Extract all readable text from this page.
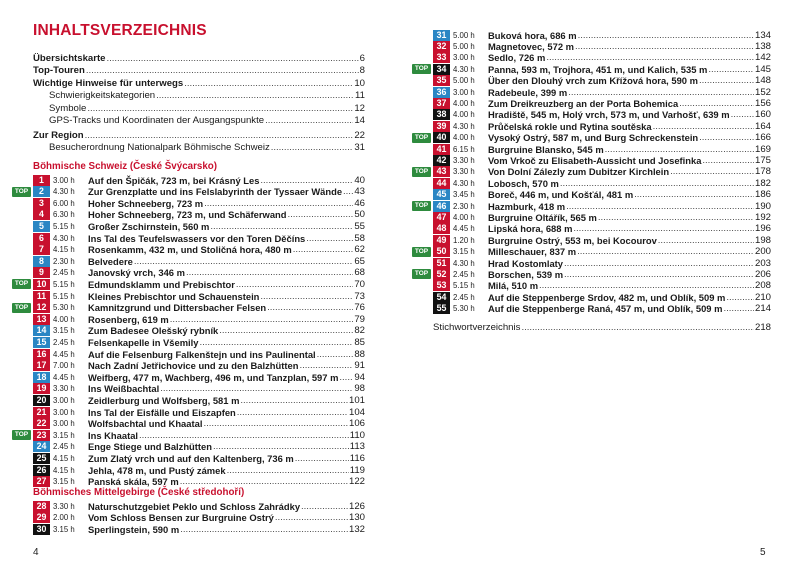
INHALTSVERZEICHNIS
Übersichtskarte . . .	6
Top-Touren . . .	8
Wichtige Hinweise für unterwegs . . .	10
Schwierigkeitskategorien . . .	11
Symbole . . .	12
GPS-Tracks und Koordinaten der Ausgangspunkte . . .	14
Zur Region . . .	22
Besucherordnung Nationalpark Böhmische Schweiz . . .	31
Böhmische Schweiz (České Švýcarsko)
1	3.00 h	Auf den Špičák, 723 m, bei Krásný Les . . .	40
TOP	2	4.30 h	Zur Grenzplatte und ins Felslabyrinth der Tyssaer Wände . . . 43
3	6.00 h	Hoher Schneeberg, 723 m . . .	46
4	6.30 h	Hoher Schneeberg, 723 m, und Schäferwand . . .	50
5	5.15 h	Großer Zschirnstein, 560 m . . .	55
6	4.30 h	Ins Tal des Teufelswassers vor den Toren Děčíns . . .	58
7	4.15 h	Rosenkamm, 432 m, und Stoličná hora, 480 m . . .	62
8	2.30 h	Belvedere . . .	65
9	2.45 h	Janovský vrch, 346 m . . .	68
TOP 10 5.15 h	Edmundsklamm und Prebischtor . . .	70
11 5.15 h	Kleines Prebischtor und Schauenstein . . .	73
TOP 12 5.30 h	Kamnitzgrund und Dittersbacher Felsen . . .	76
13 4.00 h	Rosenberg, 619 m . . .	79
14 3.15 h	Zum Badesee Olešský rybník . . .	82
15 2.45 h	Felsenkapelle in Všemily . . .	85
16 4.45 h	Auf die Felsenburg Falkenštejn und ins Paulinental . . .	88
17 7.00 h	Nach Zadní Jetřichovice und zu den Balzhütten . . .	91
18 4.45 h	Weifberg, 477 m, Wachberg, 496 m, und Tanzplan, 597 m . . . 94
19 3.30 h	Ins Weißbachtal . . .	98
20 3.00 h	Zeidlerburg und Wolfsberg, 581 m . . .	101
21 3.00 h	Ins Tal der Eisfälle und Eiszapfen . . .	104
22 3.00 h	Wolfsbachtal und Khaatal . . .	106
TOP 23 3.15 h	Ins Khaatal . . .	110
24 2.45 h	Enge Stiege und Balzhütten . . .	113
25 4.15 h	Zum Zlatý vrch und auf den Kaltenberg, 736 m . . .	116
26 4.15 h	Jehla, 478 m, und Pustý zámek . . .	119
27 3.15 h	Panská skála, 597 m . . .	122
Böhmisches Mittelgebirge (České středohoří)
28 3.30 h	Naturschutzgebiet Peklo und Schloss Zahrádky . . .	126
29 2.00 h	Vom Schloss Bensen zur Burgruine Ostrý . . .	130
30 3.15 h	Sperlingstein, 590 m . . .	132
4
31 5.00 h	Buková hora, 686 m . . .	134
32 5.00 h	Magnetovec, 572 m . . .	138
33 3.00 h	Sedlo, 726 m . . .	142
TOP 34 4.30 h	Panna, 593 m, Trojhora, 451 m, und Kalich, 535 m . . .	145
35 5.00 h	Über den Dlouhý vrch zum Křížová hora, 590 m . . .	148
36 3.00 h	Radebeule, 399 m . . .	152
37 4.00 h	Zum Dreikreuzberg an der Porta Bohemica . . .	156
38 4.00 h	Hradiště, 545 m, Holý vrch, 573 m, und Varhošť, 639 m . . .	160
39 4.30 h	Průčelská rokle und Rytina soutěska . . .	164
TOP 40 4.00 h	Vysoký Ostrý, 587 m, und Burg Schreckenstein . . .	166
41 6.15 h	Burgruine Blansko, 545 m . . .	169
42 3.30 h	Vom Vrkoč zu Elisabeth-Aussicht und Josefinka . . .	175
TOP 43 3.30 h	Von Dolní Zálezly zum Dubitzer Kirchlein . . .	178
44 4.30 h	Lobosch, 570 m . . .	182
45 3.45 h	Boreč, 446 m, und Košťál, 481 m . . .	186
TOP 46 2.30 h	Hazmburk, 418 m . . .	190
47 4.00 h	Burgruine Oltářík, 565 m . . .	192
48 4.45 h	Lipská hora, 688 m . . .	196
49 1.20 h	Burgruine Ostrý, 553 m, bei Kocourov . . .	198
TOP 50 3.15 h	Milleschauer, 837 m . . .	200
51 4.30 h	Hrad Kostomlaty . . .	203
TOP 52 2.45 h	Borschen, 539 m . . .	206
53 5.15 h	Milá, 510 m . . .	208
54 2.45 h	Auf die Steppenberge Srdov, 482 m, und Oblík, 509 m . . .	210
55 5.30 h	Auf die Steppenberge Raná, 457 m, und Oblík, 509 m . . .	214
Stichwortverzeichnis . . .	218
5
